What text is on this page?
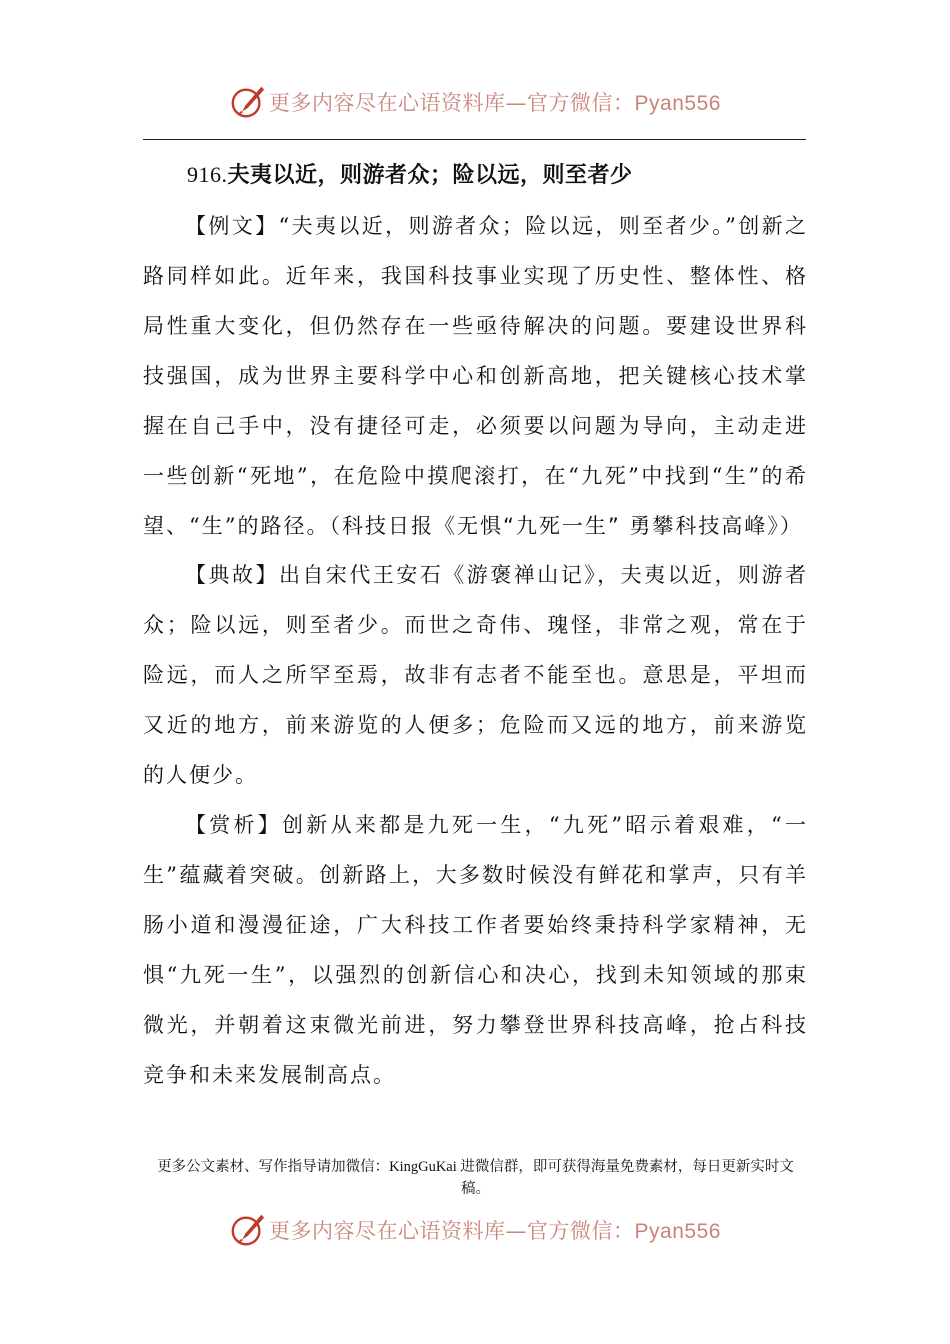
更多内容尽在心语资料库—官方微信：Pyan556
916.夫夷以近，则游者众；险以远，则至者少

【例文】“夫夷以近，则游者众；险以远，则至者少。”创新之路同样如此。近年来，我国科技事业实现了历史性、整体性、格局性重大变化，但仍然存在一些亟待解决的问题。要建设世界科技强国，成为世界主要科学中心和创新高地，把关键核心技术掌握在自己手中，没有捷径可走，必须要以问题为导向，主动走进一些创新“死地”，在危险中摸爬滚打，在“九死”中找到“生”的希望、“生”的路径。（科技日报《无惧“九死一生” 勇攀科技高峰》）

【典故】出自宋代王安石《游褒禅山记》，夫夷以近，则游者众；险以远，则至者少。而世之奇伟、瑰怪，非常之观，常在于险远，而人之所罕至焉，故非有志者不能至也。意思是，平坦而又近的地方，前来游览的人便多；危险而又远的地方，前来游览的人便少。

【赏析】创新从来都是九死一生，“九死”昭示着艰难，“一生”蕴藏着突破。创新路上，大多数时候没有鲜花和掌声，只有羊肠小道和漫漫征途，广大科技工作者要始终秉持科学家精神，无惧“九死一生”，以强烈的创新信心和决心，找到未知领域的那束微光，并朝着这束微光前进，努力攀登世界科技高峰，抢占科技竞争和未来发展制高点。

更多公文素材、写作指导请加微信：KingGuKai 进微信群，即可获得海量免费素材，每日更新实时文稿。
更多内容尽在心语资料库—官方微信：Pyan556
